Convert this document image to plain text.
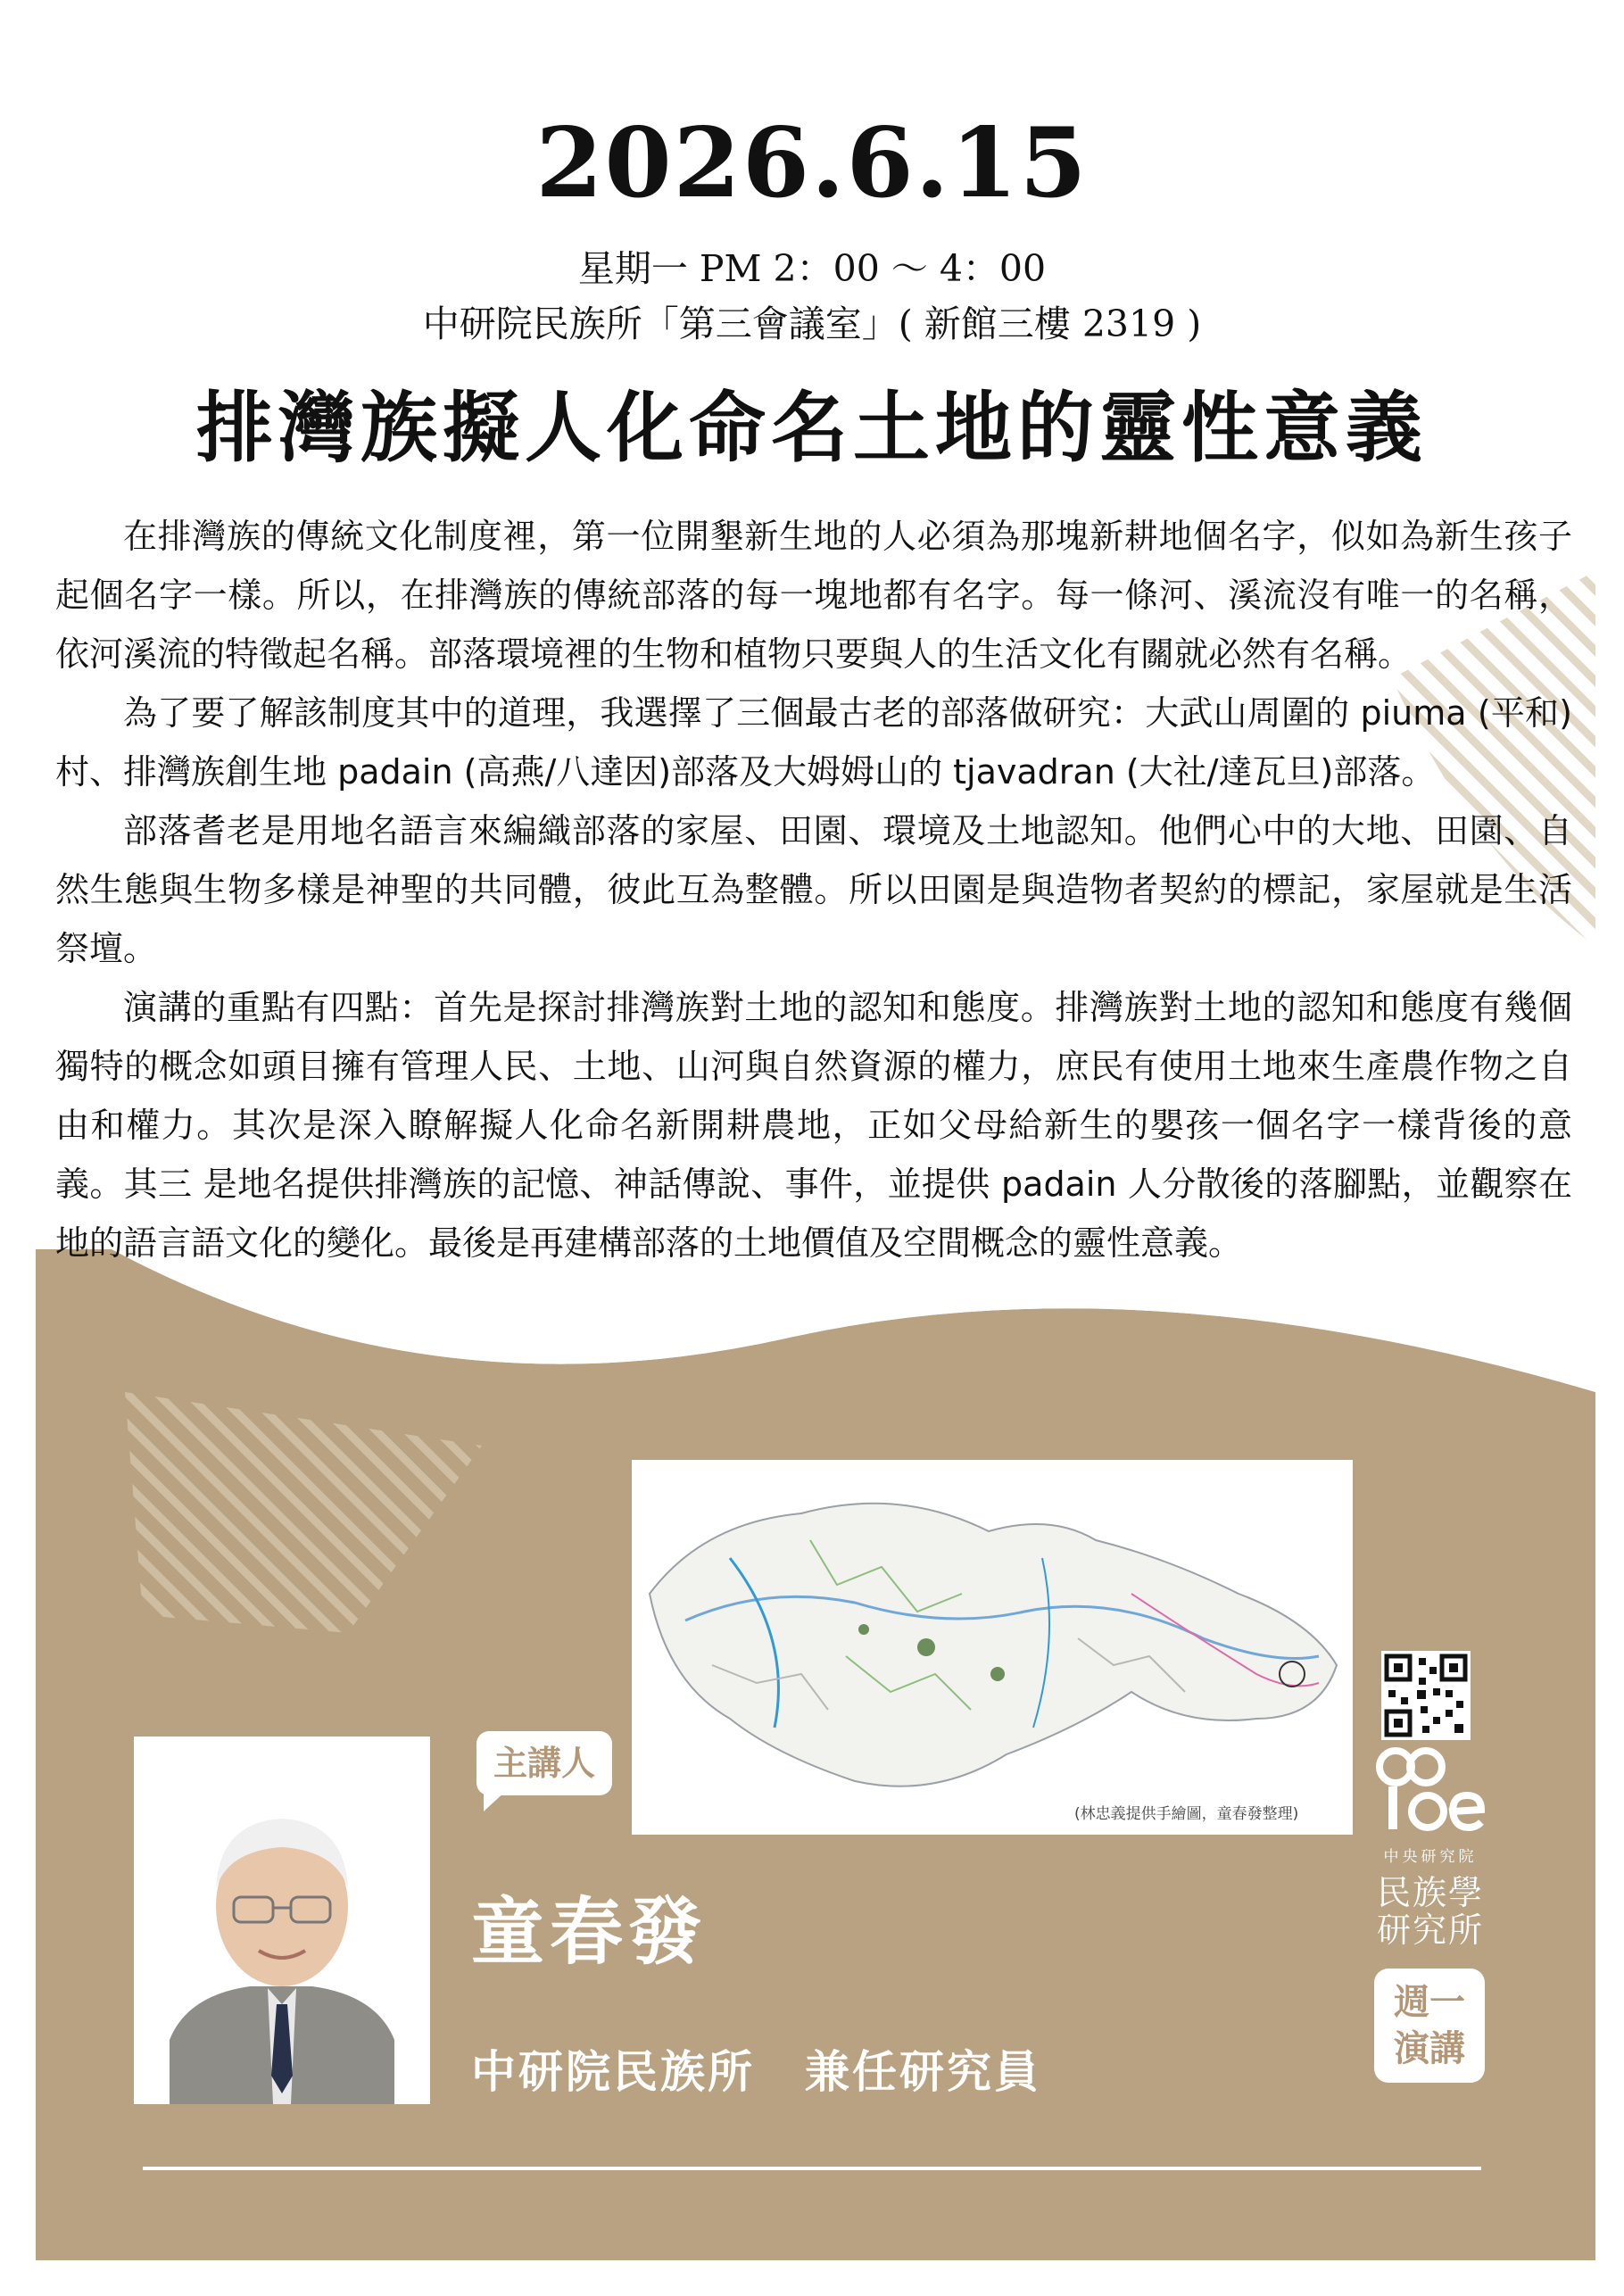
2026.6.15
星期一 PM 2：00 ～ 4：00
中研院民族所「第三會議室」( 新館三樓 2319 )
排灣族擬人化命名土地的靈性意義

在排灣族的傳統文化制度裡，第一位開墾新生地的人必須為那塊新耕地個名字，似如為新生孩子起個名字一樣。所以，在排灣族的傳統部落的每一塊地都有名字。每一條河、溪流沒有唯一的名稱，依河溪流的特徵起名稱。部落環境裡的生物和植物只要與人的生活文化有關就必然有名稱。

為了要了解該制度其中的道理，我選擇了三個最古老的部落做研究：大武山周圍的 piuma (平和)村、排灣族創生地 padain (高燕/八達因)部落及大姆姆山的 tjavadran (大社/達瓦旦)部落。

部落耆老是用地名語言來編織部落的家屋、田園、環境及土地認知。他們心中的大地、田園、自然生態與生物多樣是神聖的共同體，彼此互為整體。所以田園是與造物者契約的標記，家屋就是生活祭壇。

演講的重點有四點：首先是探討排灣族對土地的認知和態度。排灣族對土地的認知和態度有幾個獨特的概念如頭目擁有管理人民、土地、山河與自然資源的權力，庶民有使用土地來生產農作物之自由和權力。其次是深入瞭解擬人化命名新開耕農地，正如父母給新生的嬰孩一個名字一樣背後的意義。其三 是地名提供排灣族的記憶、神話傳說、事件，並提供 padain 人分散後的落腳點，並觀察在地的語言語文化的變化。最後是再建構部落的土地價值及空間概念的靈性意義。

(林忠義提供手繪圖，童春發整理)
中央研究院
民族學
研究所
週一
演講
主講人
童春發
中研院民族所 兼任研究員
